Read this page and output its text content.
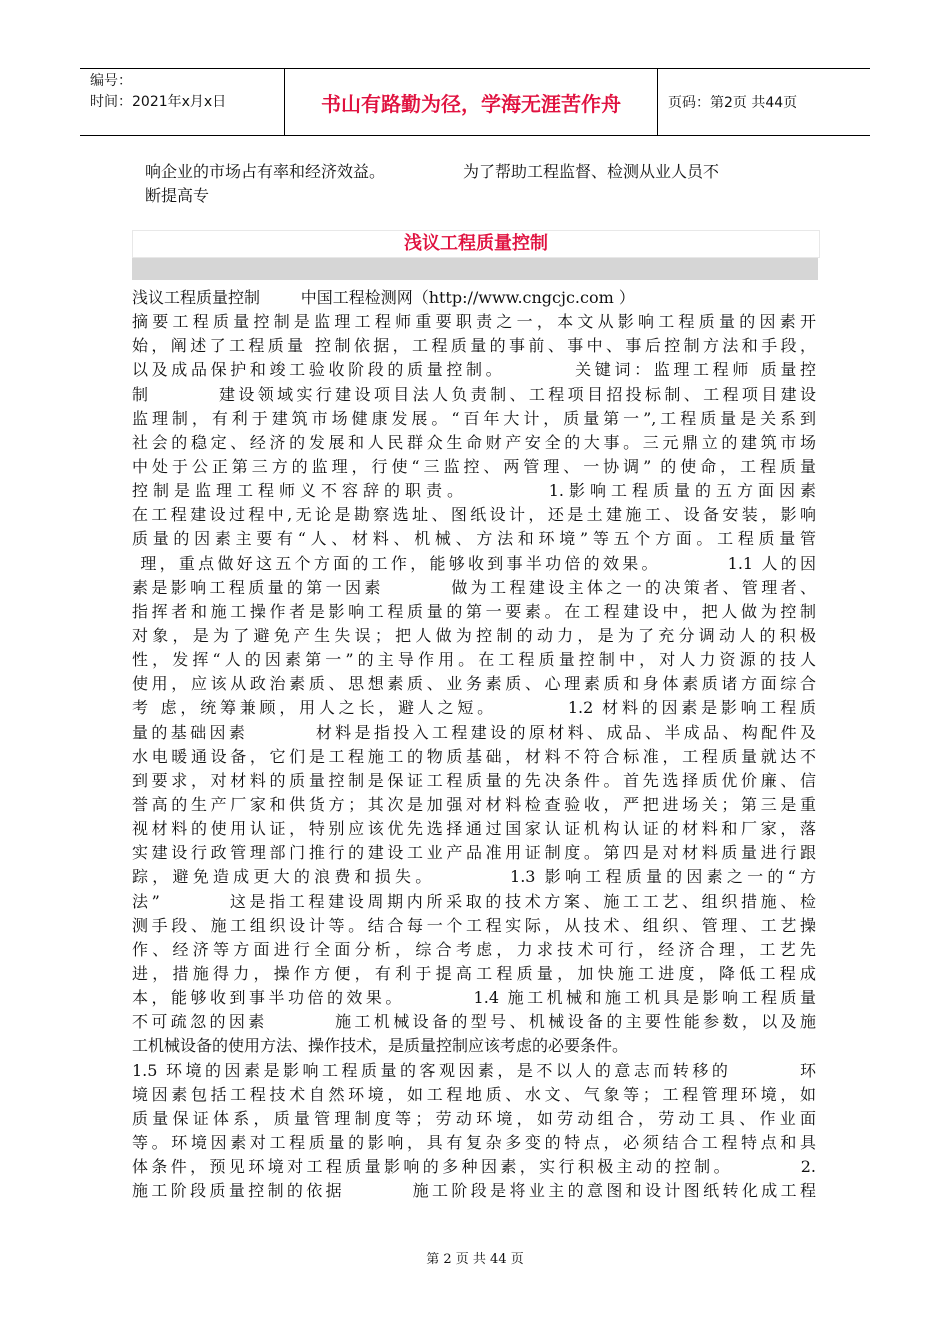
编号：
时间：2021年x月x日	书山有路勤为径，学海无涯苦作舟	页码：第2页 共44页
响企业的市场占有率和经济效益。	为了帮助工程监督、检测从业人员不
断提高专
浅议工程质量控制
浅议工程质量控制        中国工程检测网（http://www.cngcjc.com ）
摘要工程质量控制是监理工程师重要职责之一，本文从影响工程质量的因素开
始，阐述了工程质量 控制依据，工程质量的事前、事中、事后控制方法和手段，
以及成品保护和竣工验收阶段的质量控制。        关键词：监理工程师 质量控
制        建设领域实行建设项目法人负责制、工程项目招投标制、工程项目建设
监理制，有利于建筑市场健康发展。“百年大计，质量第一”,工程质量是关系到
社会的稳定、经济的发展和人民群众生命财产安全的大事。三元鼎立的建筑市场
中处于公正第三方的监理，行使“三监控、两管理、一协调” 的使命，工程质量
控制是监理工程师义不容辞的职责。        1.影响工程质量的五方面因素
在工程建设过程中,无论是勘察选址、图纸设计，还是土建施工、设备安装，影响
质量的因素主要有“人、材料、机械、方法和环境”等五个方面。工程质量管
理，重点做好这五个方面的工作，能够收到事半功倍的效果。        1.1 人的因
素是影响工程质量的第一因素        做为工程建设主体之一的决策者、管理者、
指挥者和施工操作者是影响工程质量的第一要素。在工程建设中，把人做为控制
对象，是为了避免产生失误；把人做为控制的动力，是为了充分调动人的积极
性，发挥“人的因素第一”的主导作用。在工程质量控制中，对人力资源的技人
使用，应该从政治素质、思想素质、业务素质、心理素质和身体素质诸方面综合
考 虑，统筹兼顾，用人之长，避人之短。        1.2 材料的因素是影响工程质
量的基础因素        材料是指投入工程建设的原材料、成品、半成品、构配件及
水电暖通设备，它们是工程施工的物质基础，材料不符合标准，工程质量就达不
到要求，对材料的质量控制是保证工程质量的先决条件。首先选择质优价廉、信
誉高的生产厂家和供货方；其次是加强对材料检查验收，严把进场关；第三是重
视材料的使用认证，特别应该优先选择通过国家认证机构认证的材料和厂家，落
实建设行政管理部门推行的建设工业产品准用证制度。第四是对材料质量进行跟
踪，避免造成更大的浪费和损失。        1.3 影响工程质量的因素之一的“方
法”        这是指工程建设周期内所采取的技术方案、施工工艺、组织措施、检
测手段、施工组织设计等。结合每一个工程实际，从技术、组织、管理、工艺操
作、经济等方面进行全面分析，综合考虑，力求技术可行，经济合理，工艺先
进，措施得力，操作方便，有利于提高工程质量，加快施工进度，降低工程成
本，能够收到事半功倍的效果。        1.4 施工机械和施工机具是影响工程质量
不可疏忽的因素        施工机械设备的型号、机械设备的主要性能参数，以及施
工机械设备的使用方法、操作技术，是质量控制应该考虑的必要条件。
1.5 环境的因素是影响工程质量的客观因素，是不以人的意志而转移的        环
境因素包括工程技术自然环境，如工程地质、水文、气象等；工程管理环境，如
质量保证体系，质量管理制度等；劳动环境，如劳动组合，劳动工具、作业面
等。环境因素对工程质量的影响，具有复杂多变的特点，必须结合工程特点和具
体条件，预见环境对工程质量影响的多种因素，实行积极主动的控制。        2.
施工阶段质量控制的依据        施工阶段是将业主的意图和设计图纸转化成工程
第 2 页 共 44 页
